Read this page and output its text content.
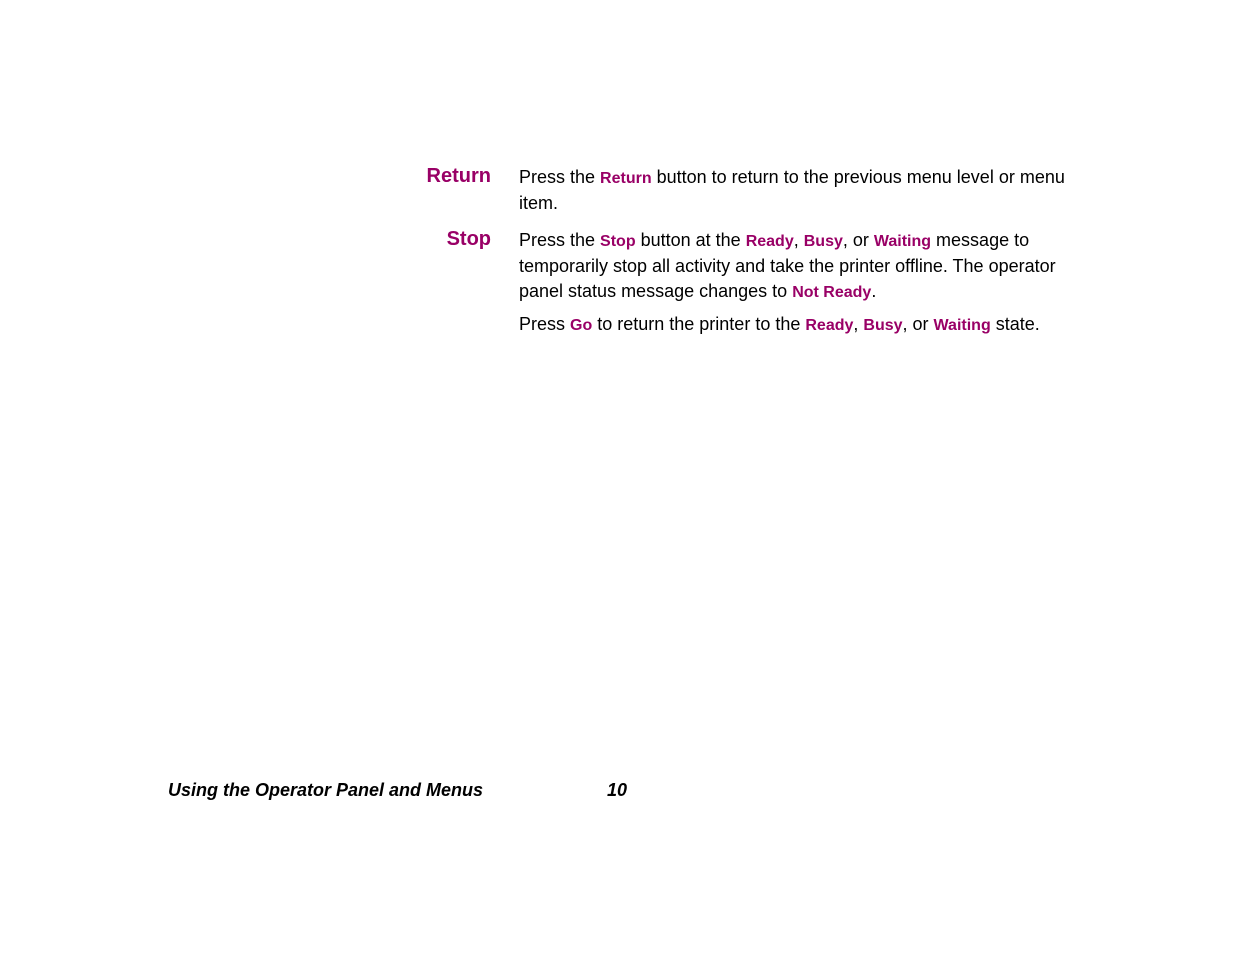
Return Press the Return button to return to the previous menu level or menu item.
Stop Press the Stop button at the Ready, Busy, or Waiting message to temporarily stop all activity and take the printer offline. The operator panel status message changes to Not Ready.
Press Go to return the printer to the Ready, Busy, or Waiting state.
Using the Operator Panel and Menus	10
